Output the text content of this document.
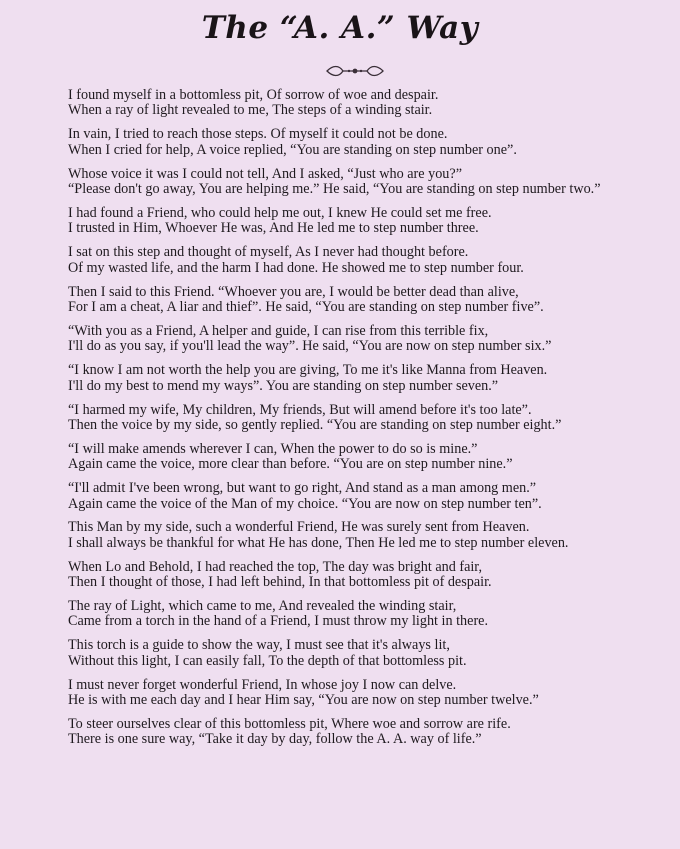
The “A. A.” Way
I found myself in a bottomless pit, Of sorrow of woe and despair.
When a ray of light revealed to me, The steps of a winding stair.
In vain, I tried to reach those steps. Of myself it could not be done.
When I cried for help, A voice replied, “You are standing on step number one”.
Whose voice it was I could not tell, And I asked, “Just who are you?”
“Please don't go away, You are helping me.” He said, “You are standing on step number two.”
I had found a Friend, who could help me out, I knew He could set me free.
I trusted in Him, Whoever He was, And He led me to step number three.
I sat on this step and thought of myself, As I never had thought before.
Of my wasted life, and the harm I had done. He showed me to step number four.
Then I said to this Friend. “Whoever you are, I would be better dead than alive,
For I am a cheat, A liar and thief”. He said, “You are standing on step number five”.
“With you as a Friend, A helper and guide, I can rise from this terrible fix,
I'll do as you say, if you'll lead the way”. He said, “You are now on step number six.”
“I know I am not worth the help you are giving, To me it's like Manna from Heaven.
I'll do my best to mend my ways”. You are standing on step number seven.”
“I harmed my wife, My children, My friends, But will amend before it's too late”.
Then the voice by my side, so gently replied. “You are standing on step number eight.”
“I will make amends wherever I can, When the power to do so is mine.”
Again came the voice, more clear than before. “You are on step number nine.”
“I'll admit I've been wrong, but want to go right, And stand as a man among men.”
Again came the voice of the Man of my choice. “You are now on step number ten”.
This Man by my side, such a wonderful Friend, He was surely sent from Heaven.
I shall always be thankful for what He has done, Then He led me to step number eleven.
When Lo and Behold, I had reached the top, The day was bright and fair,
Then I thought of those, I had left behind, In that bottomless pit of despair.
The ray of Light, which came to me, And revealed the winding stair,
Came from a torch in the hand of a Friend, I must throw my light in there.
This torch is a guide to show the way, I must see that it's always lit,
Without this light, I can easily fall, To the depth of that bottomless pit.
I must never forget wonderful Friend, In whose joy I now can delve.
He is with me each day and I hear Him say, “You are now on step number twelve.”
To steer ourselves clear of this bottomless pit, Where woe and sorrow are rife.
There is one sure way, “Take it day by day, follow the A. A. way of life.”
